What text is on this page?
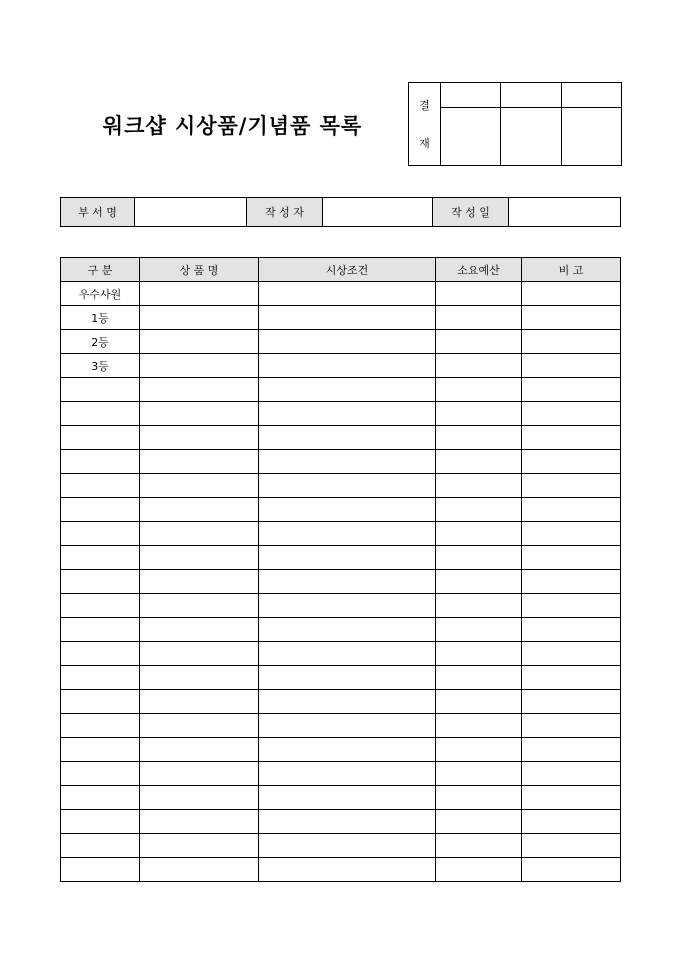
워크샵 시상품/기념품 목록
결
재			

부 서 명		작 성 자		작 성 일	
구 분	상 품 명	시상조건	소요예산	비 고
우수사원				
1등				
2등				
3등				
